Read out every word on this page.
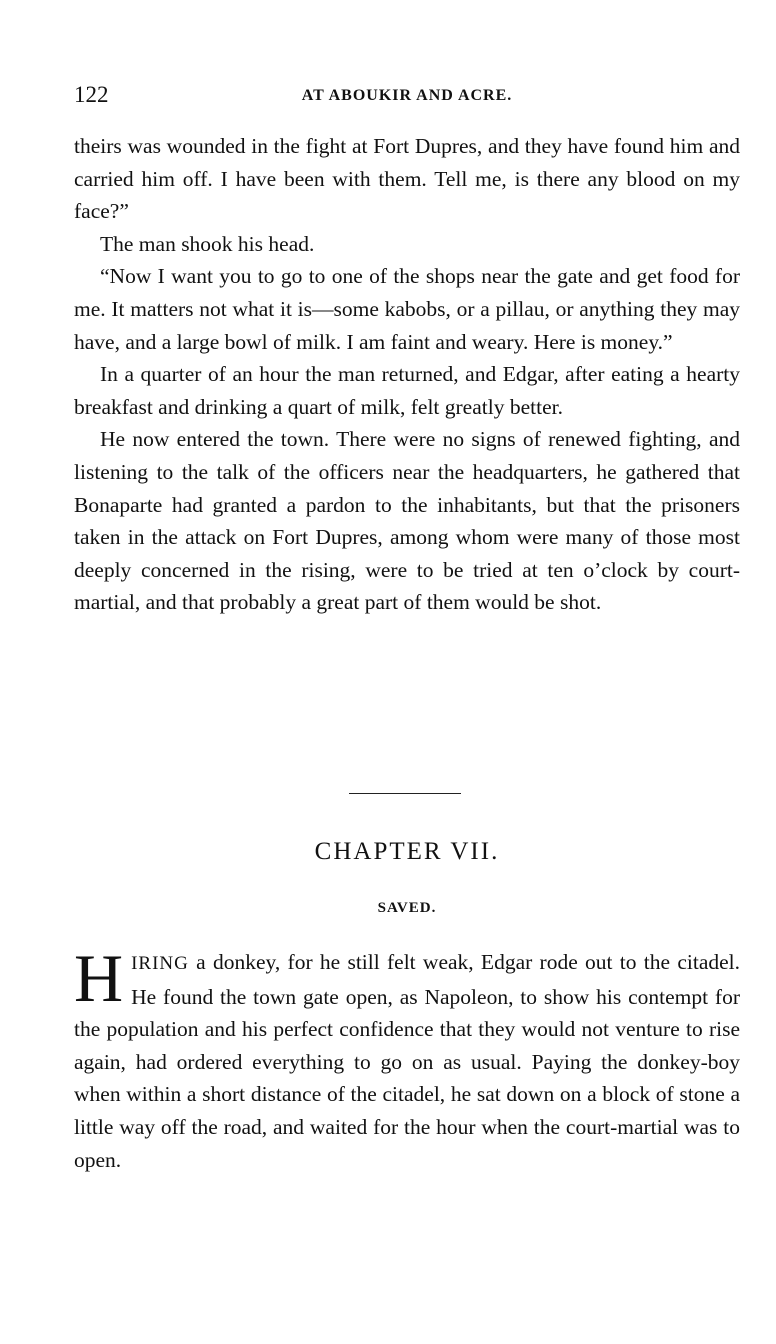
122	AT ABOUKIR AND ACRE.

theirs was wounded in the fight at Fort Dupres, and they have found him and carried him off. I have been with them. Tell me, is there any blood on my face?”

The man shook his head.

“Now I want you to go to one of the shops near the gate and get food for me. It matters not what it is—some kabobs, or a pillau, or anything they may have, and a large bowl of milk. I am faint and weary. Here is money.”

In a quarter of an hour the man returned, and Edgar, after eating a hearty breakfast and drinking a quart of milk, felt greatly better.

He now entered the town. There were no signs of renewed fighting, and listening to the talk of the officers near the headquarters, he gathered that Bonaparte had granted a pardon to the inhabitants, but that the prisoners taken in the attack on Fort Dupres, among whom were many of those most deeply concerned in the rising, were to be tried at ten o’clock by court-martial, and that probably a great part of them would be shot.

CHAPTER VII.
SAVED.

HIRING a donkey, for he still felt weak, Edgar rode out to the citadel. He found the town gate open, as Napoleon, to show his contempt for the population and his perfect confidence that they would not venture to rise again, had ordered everything to go on as usual. Paying the donkey-boy when within a short distance of the citadel, he sat down on a block of stone a little way off the road, and waited for the hour when the court-martial was to open.
